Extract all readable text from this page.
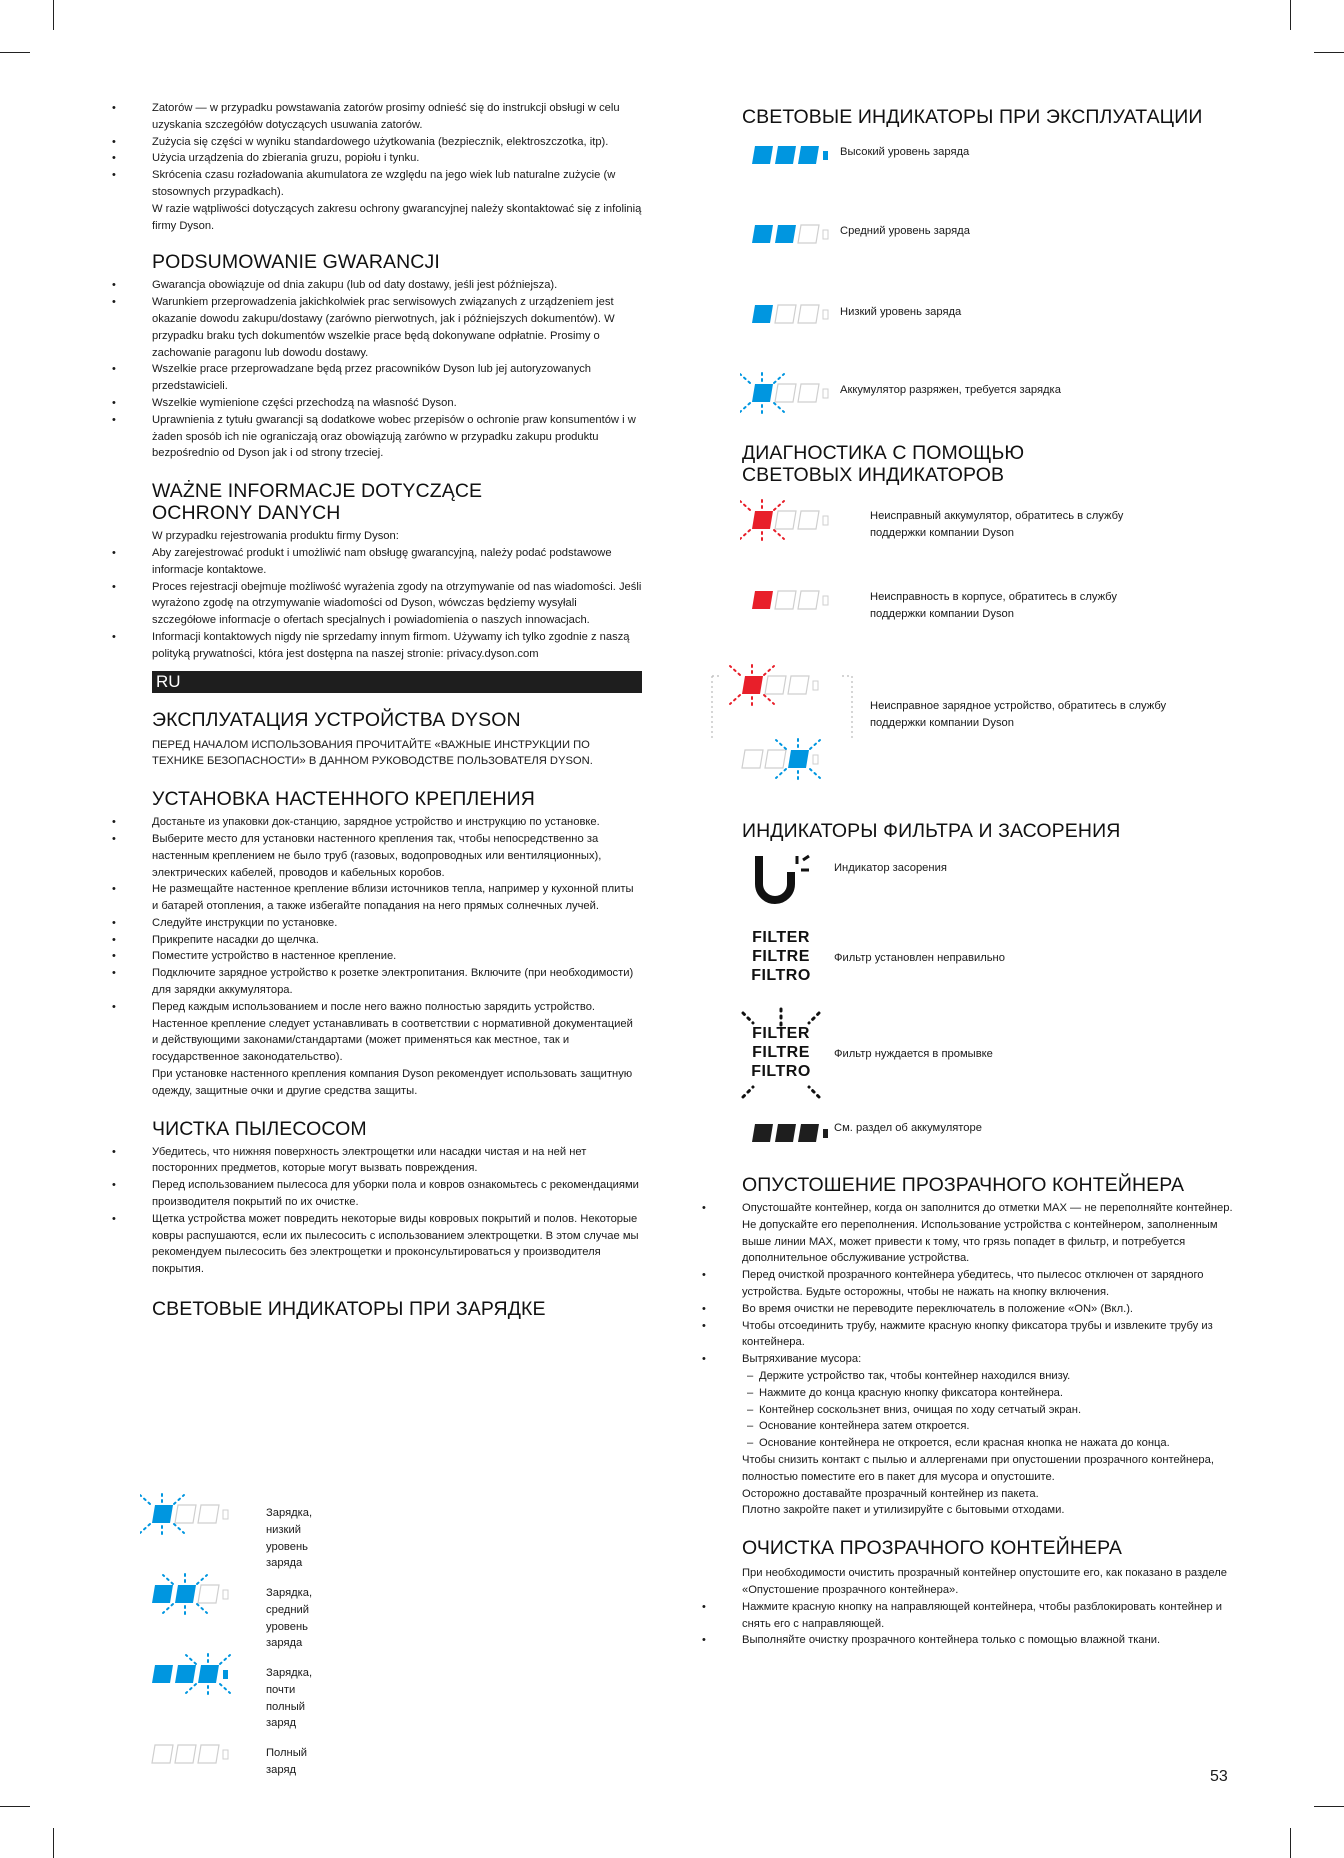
• Zatorów — w przypadku powstawania zatorów prosimy odnieść się do instrukcji obsługi w celu uzyskania szczegółów dotyczących usuwania zatorów.
• Zużycia się części w wyniku standardowego użytkowania (bezpiecznik, elektroszczotka, itp).
• Użycia urządzenia do zbierania gruzu, popiołu i tynku.
• Skrócenia czasu rozładowania akumulatora ze względu na jego wiek lub naturalne zużycie (w stosownych przypadkach).

W razie wątpliwości dotyczących zakresu ochrony gwarancyjnej należy skontaktować się z infolinią firmy Dyson.

PODSUMOWANIE GWARANCJI
• Gwarancja obowiązuje od dnia zakupu (lub od daty dostawy, jeśli jest późniejsza).
• Warunkiem przeprowadzenia jakichkolwiek prac serwisowych związanych z urządzeniem jest okazanie dowodu zakupu/dostawy (zarówno pierwotnych, jak i późniejszych dokumentów). W przypadku braku tych dokumentów wszelkie prace będą dokonywane odpłatnie. Prosimy o zachowanie paragonu lub dowodu dostawy.
• Wszelkie prace przeprowadzane będą przez pracowników Dyson lub jej autoryzowanych przedstawicieli.
• Wszelkie wymienione części przechodzą na własność Dyson.
• Uprawnienia z tytułu gwarancji są dodatkowe wobec przepisów o ochronie praw konsumentów i w żaden sposób ich nie ograniczają oraz obowiązują zarówno w przypadku zakupu produktu bezpośrednio od Dyson jak i od strony trzeciej.
WAŻNE INFORMACJE DOTYCZĄCE
OCHRONY DANYCH

W przypadku rejestrowania produktu firmy Dyson:

• Aby zarejestrować produkt i umożliwić nam obsługę gwarancyjną, należy podać podstawowe informacje kontaktowe.
• Proces rejestracji obejmuje możliwość wyrażenia zgody na otrzymywanie od nas wiadomości. Jeśli wyrażono zgodę na otrzymywanie wiadomości od Dyson, wówczas będziemy wysyłali szczegółowe informacje o ofertach specjalnych i powiadomienia o naszych innowacjach.
• Informacji kontaktowych nigdy nie sprzedamy innym firmom. Używamy ich tylko zgodnie z naszą polityką prywatności, która jest dostępna na naszej stronie: privacy.dyson.com
RU
ЭКСПЛУАТАЦИЯ УСТРОЙСТВА DYSON

ПЕРЕД НАЧАЛОМ ИСПОЛЬЗОВАНИЯ ПРОЧИТАЙТЕ «ВАЖНЫЕ ИНСТРУКЦИИ ПО ТЕХНИКЕ БЕЗОПАСНОСТИ» В ДАННОМ РУКОВОДСТВЕ ПОЛЬЗОВАТЕЛЯ DYSON.

УСТАНОВКА НАСТЕННОГО КРЕПЛЕНИЯ
• Достаньте из упаковки док-станцию, зарядное устройство и инструкцию по установке.
• Выберите место для установки настенного крепления так, чтобы непосредственно за настенным креплением не было труб (газовых, водопроводных или вентиляционных), электрических кабелей, проводов и кабельных коробов.
• Не размещайте настенное крепление вблизи источников тепла, например у кухонной плиты и батарей отопления, а также избегайте попадания на него прямых солнечных лучей.
• Следуйте инструкции по установке.
• Прикрепите насадки до щелчка.
• Поместите устройство в настенное крепление.
• Подключите зарядное устройство к розетке электропитания. Включите (при необходимости) для зарядки аккумулятора.
• Перед каждым использованием и после него важно полностью зарядить устройство.

Настенное крепление следует устанавливать в соответствии с нормативной документацией и действующими законами/стандартами (может применяться как местное, так и государственное законодательство).

При установке настенного крепления компания Dyson рекомендует использовать защитную одежду, защитные очки и другие средства защиты.

ЧИСТКА ПЫЛЕСОСОМ
• Убедитесь, что нижняя поверхность электрощетки или насадки чистая и на ней нет посторонних предметов, которые могут вызвать повреждения.
• Перед использованием пылесоса для уборки пола и ковров ознакомьтесь с рекомендациями производителя покрытий по их очистке.
• Щетка устройства может повредить некоторые виды ковровых покрытий и полов. Некоторые ковры распушаются, если их пылесосить с использованием электрощетки. В этом случае мы рекомендуем пылесосить без электрощетки и проконсультироваться у производителя покрытия.
СВЕТОВЫЕ ИНДИКАТОРЫ ПРИ ЗАРЯДКЕ
Зарядка, низкий уровень заряда
Зарядка, средний уровень заряда
Зарядка, почти полный заряд
Полный заряд
СВЕТОВЫЕ ИНДИКАТОРЫ ПРИ ЭКСПЛУАТАЦИИ
Высокий уровень заряда
Средний уровень заряда
Низкий уровень заряда
Аккумулятор разряжен, требуется зарядка
ДИАГНОСТИКА С ПОМОЩЬЮ
СВЕТОВЫХ ИНДИКАТОРОВ
Неисправный аккумулятор, обратитесь в службу
поддержки компании Dyson
Неисправность в корпусе, обратитесь в службу
поддержки компании Dyson
Неисправное зарядное устройство, обратитесь в службу
поддержки компании Dyson
ИНДИКАТОРЫ ФИЛЬТРА И ЗАСОРЕНИЯ
Индикатор засорения
FILTER
FILTRE
FILTRO
Фильтр установлен неправильно
FILTER
FILTRE
FILTRO
Фильтр нуждается в промывке
См. раздел об аккумуляторе
ОПУСТОШЕНИЕ ПРОЗРАЧНОГО КОНТЕЙНЕРА
• Опустошайте контейнер, когда он заполнится до отметки MAX — не переполняйте контейнер. Не допускайте его переполнения. Использование устройства с контейнером, заполненным выше линии MAX, может привести к тому, что грязь попадет в фильтр, и потребуется дополнительное обслуживание устройства.
• Перед очисткой прозрачного контейнера убедитесь, что пылесос отключен от зарядного устройства. Будьте осторожны, чтобы не нажать на кнопку включения.
• Во время очистки не переводите переключатель в положение «ON» (Вкл.).
• Чтобы отсоединить трубу, нажмите красную кнопку фиксатора трубы и извлеките трубу из контейнера.
• Вытряхивание мусора:
– Держите устройство так, чтобы контейнер находился внизу.
– Нажмите до конца красную кнопку фиксатора контейнера.
– Контейнер соскользнет вниз, очищая по ходу сетчатый экран.
– Основание контейнера затем откроется.
– Основание контейнера не откроется, если красная кнопка не нажата до конца.

Чтобы снизить контакт с пылью и аллергенами при опустошении прозрачного контейнера, полностью поместите его в пакет для мусора и опустошите.

Осторожно доставайте прозрачный контейнер из пакета.

Плотно закройте пакет и утилизируйте с бытовыми отходами.

ОЧИСТКА ПРОЗРАЧНОГО КОНТЕЙНЕРА

При необходимости очистить прозрачный контейнер опустошите его, как показано в разделе «Опустошение прозрачного контейнера».

• Нажмите красную кнопку на направляющей контейнера, чтобы разблокировать контейнер и снять его с направляющей.
• Выполняйте очистку прозрачного контейнера только с помощью влажной ткани.
53
